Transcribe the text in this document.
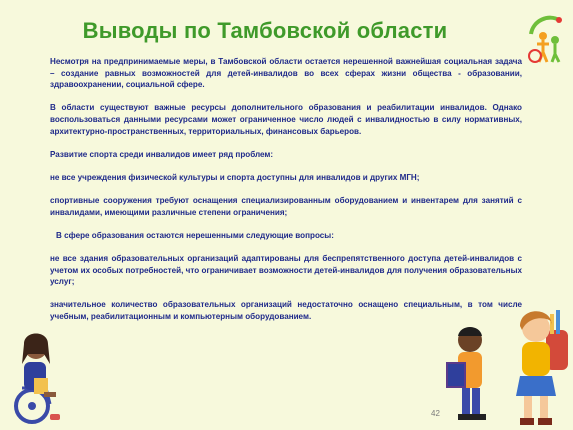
Выводы по Тамбовской области

Несмотря на предпринимаемые меры, в Тамбовской области остается нерешенной важнейшая социальная задача – создание равных возможностей для детей-инвалидов во всех сферах жизни общества - образовании, здравоохранении, социальной сфере.

В области существуют важные ресурсы дополнительного образования и реабилитации инвалидов. Однако воспользоваться данными ресурсами может ограниченное число людей с инвалидностью в силу нормативных, архитектурно-пространственных, территориальных, финансовых барьеров.

Развитие спорта среди инвалидов имеет ряд проблем:

не все учреждения физической культуры и спорта доступны для инвалидов и других МГН;

спортивные сооружения требуют оснащения специализированным оборудованием и инвентарем для занятий с инвалидами, имеющими различные степени ограничения;

В сфере образования остаются нерешенными следующие вопросы:

не все здания образовательных организаций адаптированы для беспрепятственного доступа детей-инвалидов с учетом их особых потребностей, что ограничивает возможности детей-инвалидов для получения образовательных услуг;

значительное количество образовательных организаций недостаточно оснащено специальным, в том числе учебным, реабилитационным и компьютерным оборудованием.

42
